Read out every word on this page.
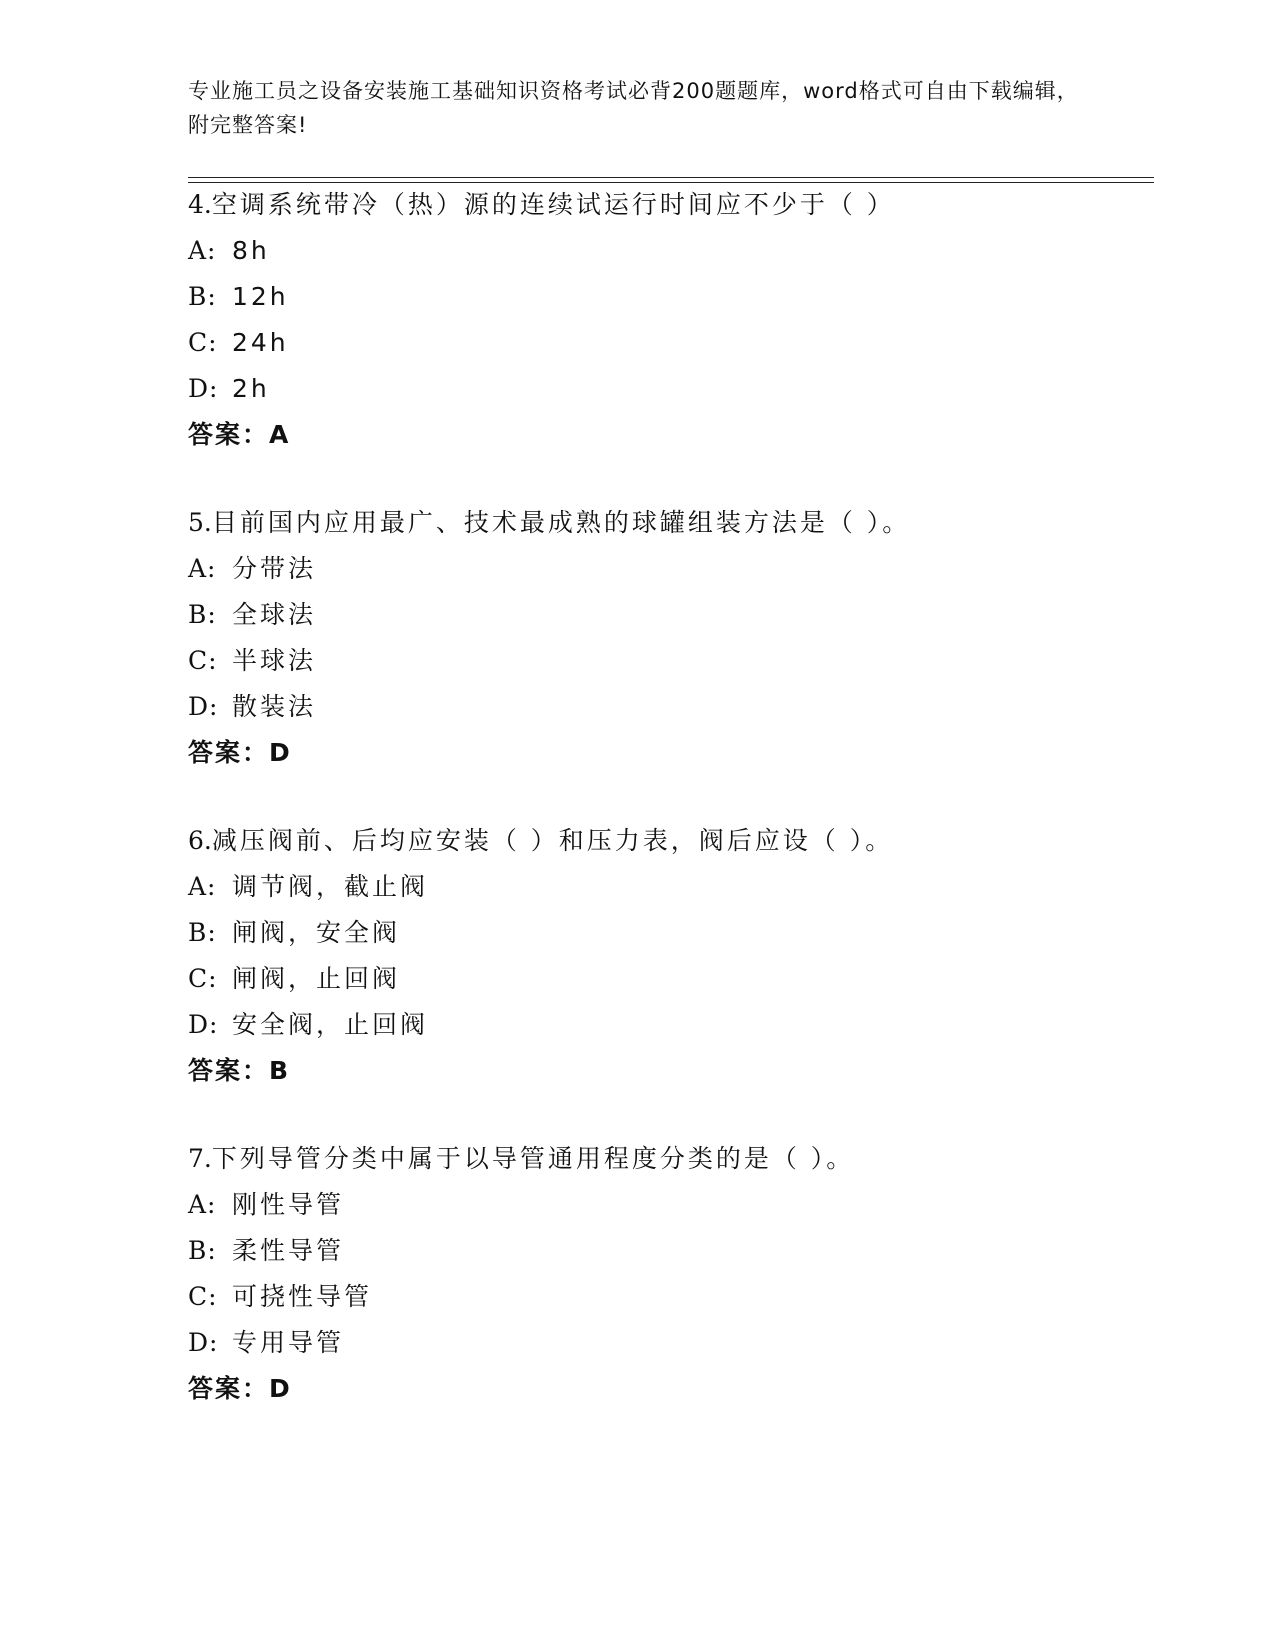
专业施工员之设备安装施工基础知识资格考试必背200题题库，word格式可自由下载编辑，附完整答案!
4.空调系统带冷（热）源的连续试运行时间应不少于（ ）
A: 8h
B: 12h
C: 24h
D: 2h
答案：A
5.目前国内应用最广、技术最成熟的球罐组装方法是（ ）。
A: 分带法
B: 全球法
C: 半球法
D: 散装法
答案：D
6.减压阀前、后均应安装（ ）和压力表，阀后应设（ ）。
A: 调节阀，截止阀
B: 闸阀，安全阀
C: 闸阀，止回阀
D: 安全阀，止回阀
答案：B
7.下列导管分类中属于以导管通用程度分类的是（ ）。
A: 刚性导管
B: 柔性导管
C: 可挠性导管
D: 专用导管
答案：D
